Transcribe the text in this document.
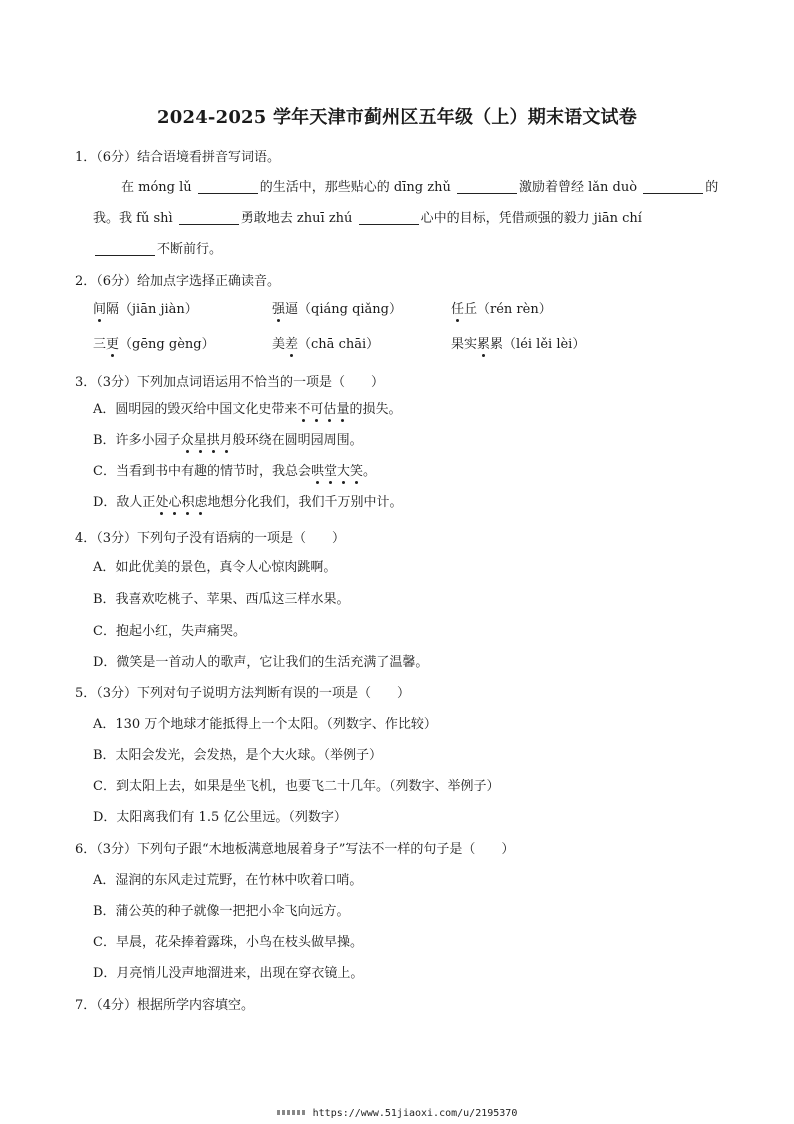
2024-2025 学年天津市蓟州区五年级（上）期末语文试卷
1．（6分）结合语境看拼音写词语。
在 móng lǔ	的生活中，那些贴心的 dīng zhǔ	激励着曾经 lǎn duò	的
我。我 fǔ shì	勇敢地去 zhuī zhú	心中的目标，凭借顽强的毅力 jiān chí
不断前行。
2．（6分）给加点字选择正确读音。
间隔（jiān jiàn）	强逼（qiáng qiǎng）	任丘（rén rèn）
三更（gēng gèng）	美差（chā chāi）	果实累累（léi lěi lèi）
3．（3分）下列加点词语运用不恰当的一项是（　　）
A．圆明园的毁灭给中国文化史带来不可估量的损失。
B．许多小园子众星拱月般环绕在圆明园周围。
C．当看到书中有趣的情节时，我总会哄堂大笑。
D．敌人正处心积虑地想分化我们，我们千万别中计。
4．（3分）下列句子没有语病的一项是（　　）
A．如此优美的景色，真令人心惊肉跳啊。
B．我喜欢吃桃子、苹果、西瓜这三样水果。
C．抱起小红，失声痛哭。
D．微笑是一首动人的歌声，它让我们的生活充满了温馨。
5．（3分）下列对句子说明方法判断有误的一项是（　　）
A．130 万个地球才能抵得上一个太阳。（列数字、作比较）
B．太阳会发光，会发热，是个大火球。（举例子）
C．到太阳上去，如果是坐飞机，也要飞二十几年。（列数字、举例子）
D．太阳离我们有 1.5 亿公里远。（列数字）
6．（3分）下列句子跟“木地板满意地展着身子”写法不一样的句子是（　　）
A．湿润的东风走过荒野，在竹林中吹着口哨。
B．蒲公英的种子就像一把把小伞飞向远方。
C．早晨，花朵捧着露珠，小鸟在枝头做早操。
D．月亮悄儿没声地溜进来，出现在穿衣镜上。
7．（4分）根据所学内容填空。
https://www.51jiaoxi.com/u/2195370
